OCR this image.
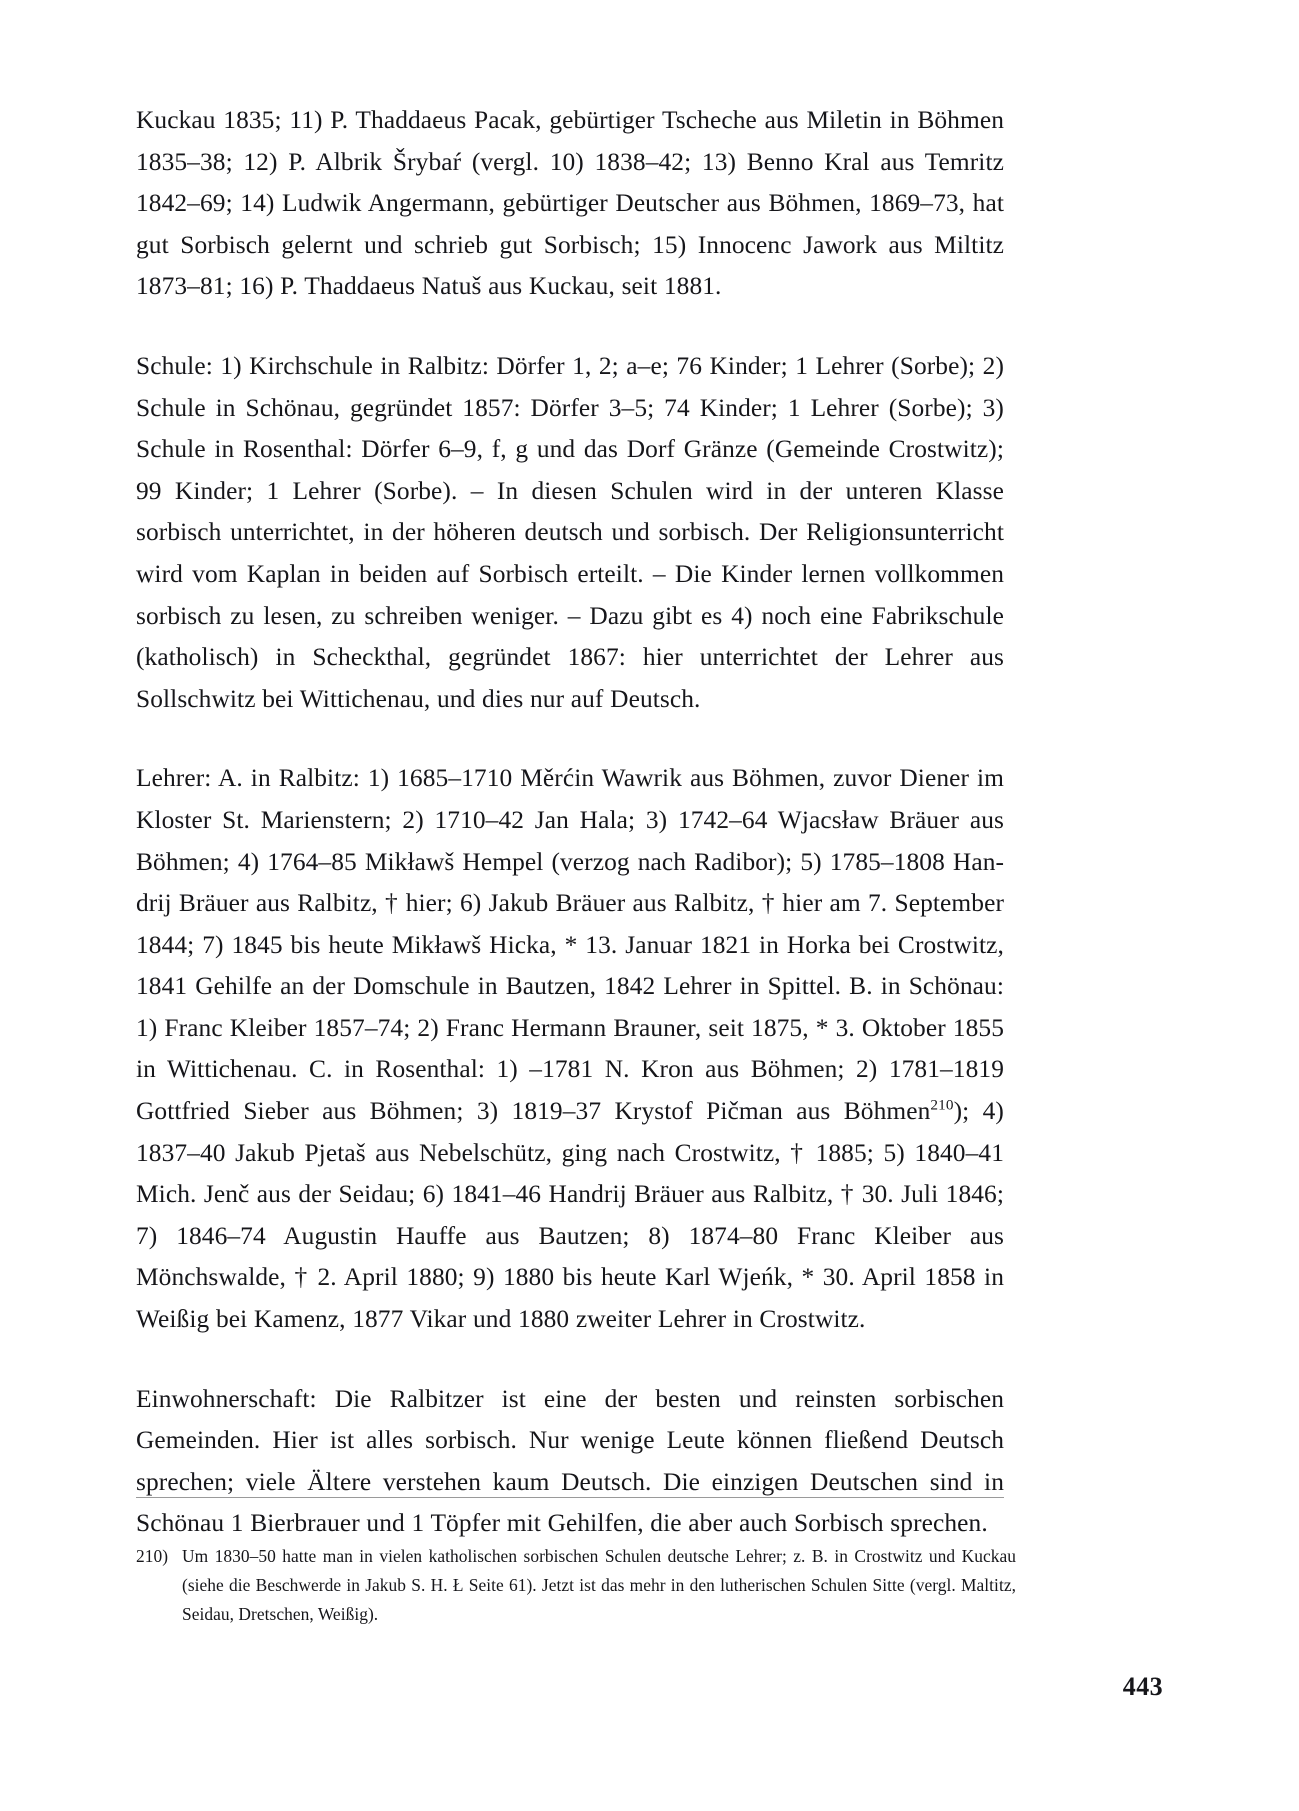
Kuckau 1835; 11) P. Thaddaeus Pacak, gebürtiger Tscheche aus Miletin in Böhmen 1835–38; 12) P. Albrik Šrybaŕ (vergl. 10) 1838–42; 13) Benno Kral aus Temritz 1842–69; 14) Ludwik Angermann, gebürtiger Deutscher aus Böhmen, 1869–73, hat gut Sorbisch gelernt und schrieb gut Sorbisch; 15) Innocenc Jawork aus Miltitz 1873–81; 16) P. Thaddaeus Natuš aus Kuckau, seit 1881.

Schule: 1) Kirchschule in Ralbitz: Dörfer 1, 2; a–e; 76 Kinder; 1 Lehrer (Sorbe); 2) Schule in Schönau, gegründet 1857: Dörfer 3–5; 74 Kinder; 1 Lehrer (Sorbe); 3) Schule in Rosenthal: Dörfer 6–9, f, g und das Dorf Gränze (Gemeinde Crostwitz); 99 Kinder; 1 Lehrer (Sorbe). – In diesen Schulen wird in der unteren Klasse sorbisch unterrichtet, in der höheren deutsch und sorbisch. Der Religionsunterricht wird vom Kaplan in beiden auf Sorbisch erteilt. – Die Kinder lernen vollkommen sorbisch zu lesen, zu schreiben weniger. – Dazu gibt es 4) noch eine Fabrikschule (katholisch) in Scheckthal, gegründet 1867: hier unterrichtet der Lehrer aus Sollschwitz bei Wittichenau, und dies nur auf Deutsch.

Lehrer: A. in Ralbitz: 1) 1685–1710 Měrćin Wawrik aus Böhmen, zuvor Diener im Kloster St. Marienstern; 2) 1710–42 Jan Hala; 3) 1742–64 Wjacsław Bräuer aus Böhmen; 4) 1764–85 Mikławš Hempel (verzog nach Radibor); 5) 1785–1808 Handrij Bräuer aus Ralbitz, † hier; 6) Jakub Bräuer aus Ralbitz, † hier am 7. September 1844; 7) 1845 bis heute Mikławš Hicka, * 13. Januar 1821 in Horka bei Crostwitz, 1841 Gehilfe an der Domschule in Bautzen, 1842 Lehrer in Spittel. B. in Schönau: 1) Franc Kleiber 1857–74; 2) Franc Hermann Brauner, seit 1875, * 3. Oktober 1855 in Wittichenau. C. in Rosenthal: 1) –1781 N. Kron aus Böhmen; 2) 1781–1819 Gottfried Sieber aus Böhmen; 3) 1819–37 Krystof Pičman aus Böhmen$^{210}$); 4) 1837–40 Jakub Pjetaš aus Nebelschütz, ging nach Crostwitz, † 1885; 5) 1840–41 Mich. Jenč aus der Seidau; 6) 1841–46 Handrij Bräuer aus Ralbitz, † 30. Juli 1846; 7) 1846–74 Augustin Hauffe aus Bautzen; 8) 1874–80 Franc Kleiber aus Mönchswalde, † 2. April 1880; 9) 1880 bis heute Karl Wjeńk, * 30. April 1858 in Weißig bei Kamenz, 1877 Vikar und 1880 zweiter Lehrer in Crostwitz.

Einwohnerschaft: Die Ralbitzer ist eine der besten und reinsten sorbischen Gemeinden. Hier ist alles sorbisch. Nur wenige Leute können fließend Deutsch sprechen; viele Ältere verstehen kaum Deutsch. Die einzigen Deutschen sind in Schönau 1 Bierbrauer und 1 Töpfer mit Gehilfen, die aber auch Sorbisch sprechen.

210) Um 1830–50 hatte man in vielen katholischen sorbischen Schulen deutsche Lehrer; z. B. in Crostwitz und Kuckau (siehe die Beschwerde in Jakub S. H. Ł Seite 61). Jetzt ist das mehr in den lutherischen Schulen Sitte (vergl. Maltitz, Seidau, Dretschen, Weißig).
443
